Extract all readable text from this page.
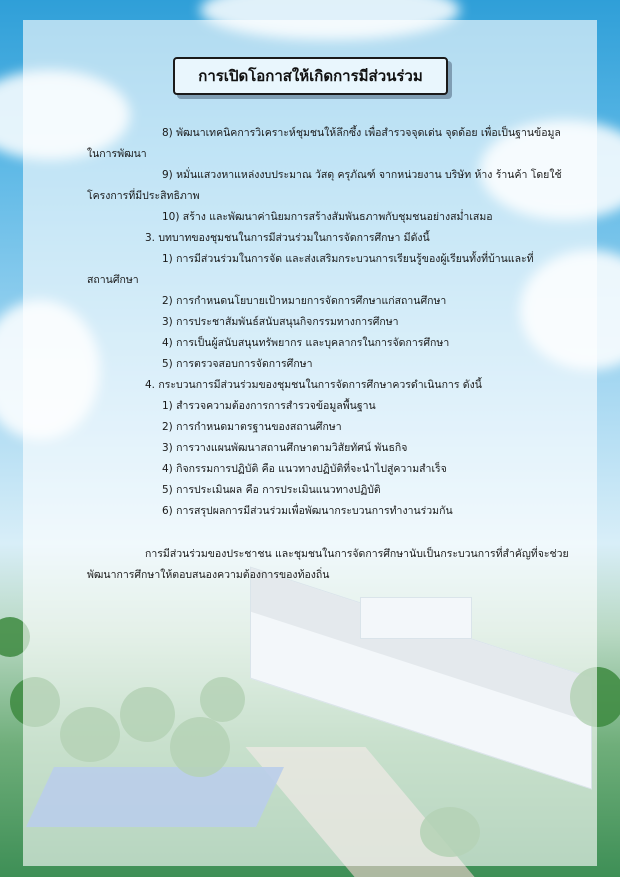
การเปิดโอกาสให้เกิดการมีส่วนร่วม
8) พัฒนาเทคนิคการวิเคราะห์ชุมชนให้ลึกซึ้ง เพื่อสำรวจจุดเด่น จุดด้อย เพื่อเป็นฐานข้อมูล
ในการพัฒนา
9) หมั่นแสวงหาแหล่งงบประมาณ วัสดุ ครุภัณฑ์ จากหน่วยงาน บริษัท ห้าง ร้านค้า โดยใช้
โครงการที่มีประสิทธิภาพ
10) สร้าง และพัฒนาค่านิยมการสร้างสัมพันธภาพกับชุมชนอย่างสม่ำเสมอ
3. บทบาทของชุมชนในการมีส่วนร่วมในการจัดการศึกษา มีดังนี้
1) การมีส่วนร่วมในการจัด และส่งเสริมกระบวนการเรียนรู้ของผู้เรียนทั้งที่บ้านและที่
สถานศึกษา
2) การกำหนดนโยบายเป้าหมายการจัดการศึกษาแก่สถานศึกษา
3) การประชาสัมพันธ์สนับสนุนกิจกรรมทางการศึกษา
4) การเป็นผู้สนับสนุนทรัพยากร และบุคลากรในการจัดการศึกษา
5) การตรวจสอบการจัดการศึกษา
4. กระบวนการมีส่วนร่วมของชุมชนในการจัดการศึกษาควรดำเนินการ ดังนี้
1) สำรวจความต้องการการสำรวจข้อมูลพื้นฐาน
2) การกำหนดมาตรฐานของสถานศึกษา
3) การวางแผนพัฒนาสถานศึกษาตามวิสัยทัศน์ พันธกิจ
4) กิจกรรมการปฏิบัติ คือ แนวทางปฏิบัติที่จะนำไปสู่ความสำเร็จ
5) การประเมินผล คือ การประเมินแนวทางปฏิบัติ
6) การสรุปผลการมีส่วนร่วมเพื่อพัฒนากระบวนการทำงานร่วมกัน
การมีส่วนร่วมของประชาชน และชุมชนในการจัดการศึกษานับเป็นกระบวนการที่สำคัญที่จะช่วย
พัฒนาการศึกษาให้ตอบสนองความต้องการของท้องถิ่น
